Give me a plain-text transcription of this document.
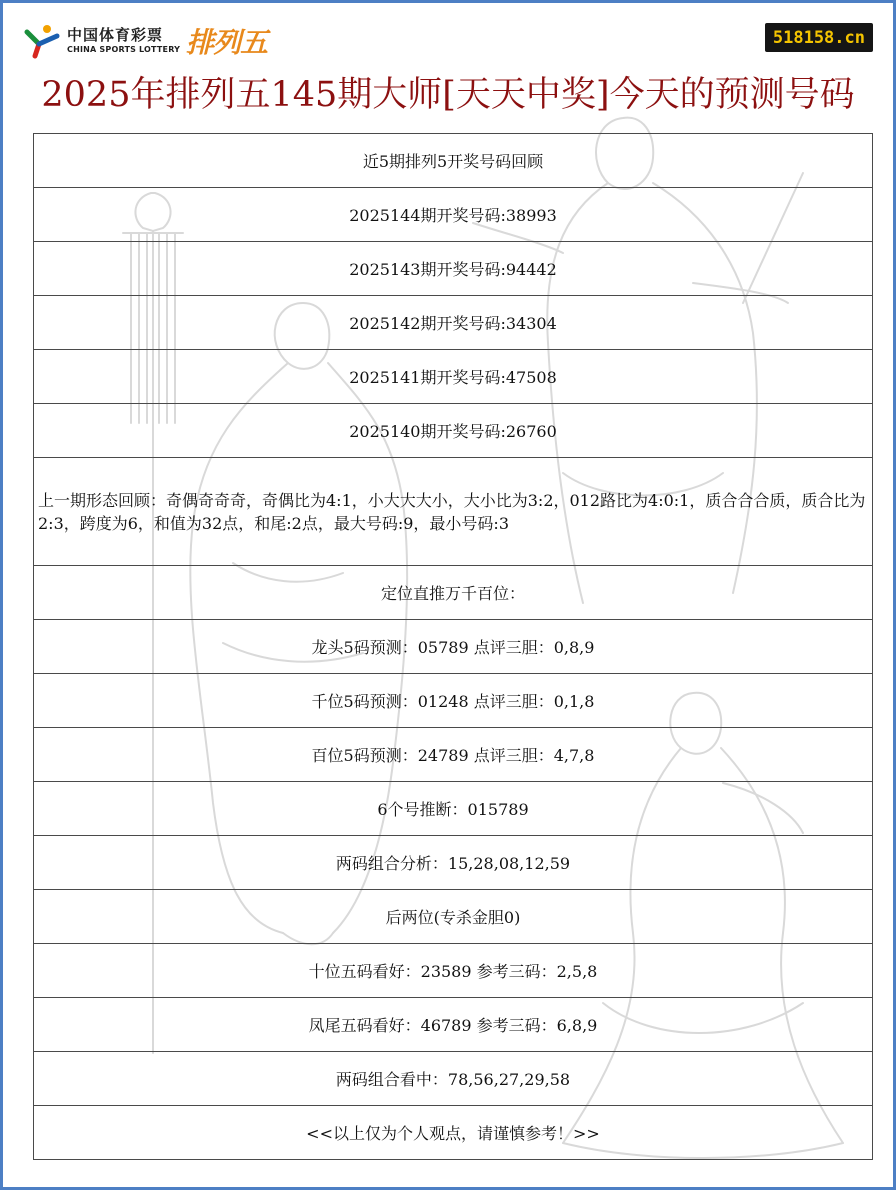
中国体育彩票
CHINA SPORTS LOTTERY 排列五	518158.cn
2025年排列五145期大师[天天中奖]今天的预测号码
近5期排列5开奖号码回顾
2025144期开奖号码:38993
2025143期开奖号码:94442
2025142期开奖号码:34304
2025141期开奖号码:47508
2025140期开奖号码:26760
上一期形态回顾：奇偶奇奇奇，奇偶比为4:1，小大大大小，大小比为3:2，012路比为4:0:1，质合合合质，质合比为2:3，跨度为6，和值为32点，和尾:2点，最大号码:9，最小号码:3
定位直推万千百位：
龙头5码预测：05789 点评三胆：0,8,9
千位5码预测：01248 点评三胆：0,1,8
百位5码预测：24789 点评三胆：4,7,8
6个号推断：015789
两码组合分析：15,28,08,12,59
后两位(专杀金胆0)
十位五码看好：23589 参考三码：2,5,8
凤尾五码看好：46789 参考三码：6,8,9
两码组合看中：78,56,27,29,58
<<以上仅为个人观点，请谨慎参考！>>
